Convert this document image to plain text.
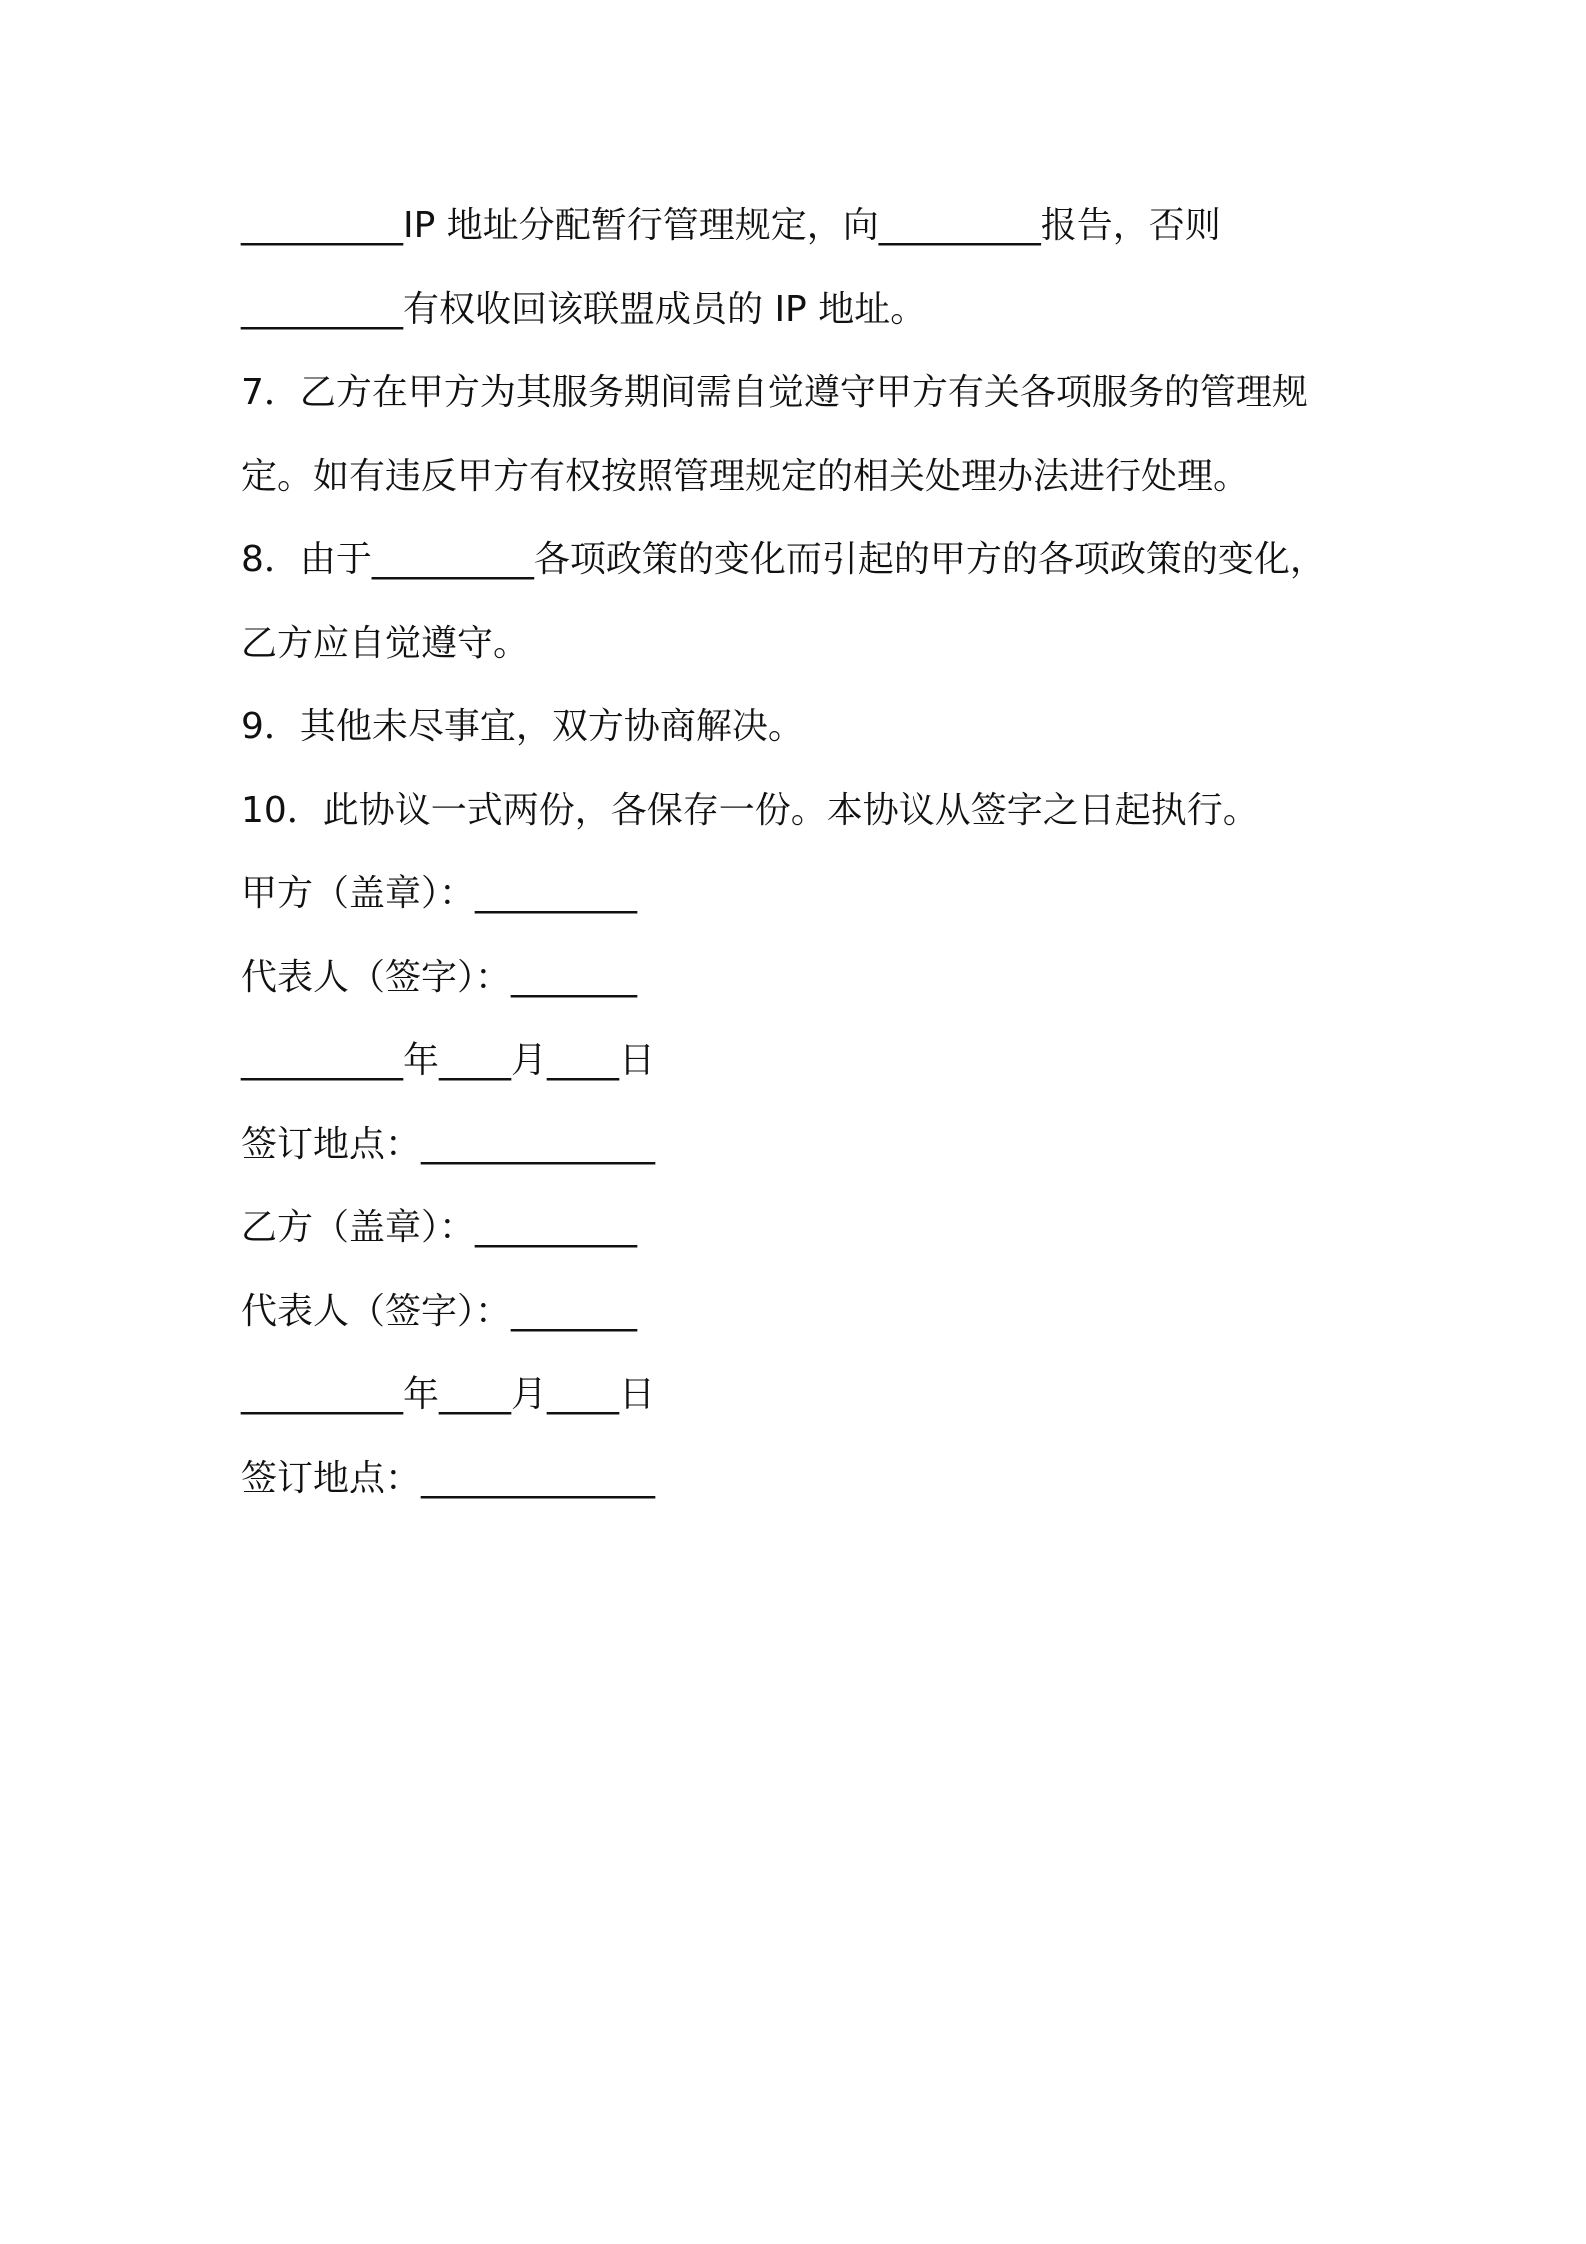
_________IP 地址分配暂行管理规定，向_________报告，否则
_________有权收回该联盟成员的 IP 地址。
7．乙方在甲方为其服务期间需自觉遵守甲方有关各项服务的管理规
定。如有违反甲方有权按照管理规定的相关处理办法进行处理。
8．由于_________各项政策的变化而引起的甲方的各项政策的变化，
乙方应自觉遵守。
9．其他未尽事宜，双方协商解决。
10．此协议一式两份，各保存一份。本协议从签字之日起执行。
甲方（盖章）：_________
代表人（签字）：_______
_________年____月____日
签订地点：_____________
乙方（盖章）：_________
代表人（签字）：_______
_________年____月____日
签订地点：_____________
